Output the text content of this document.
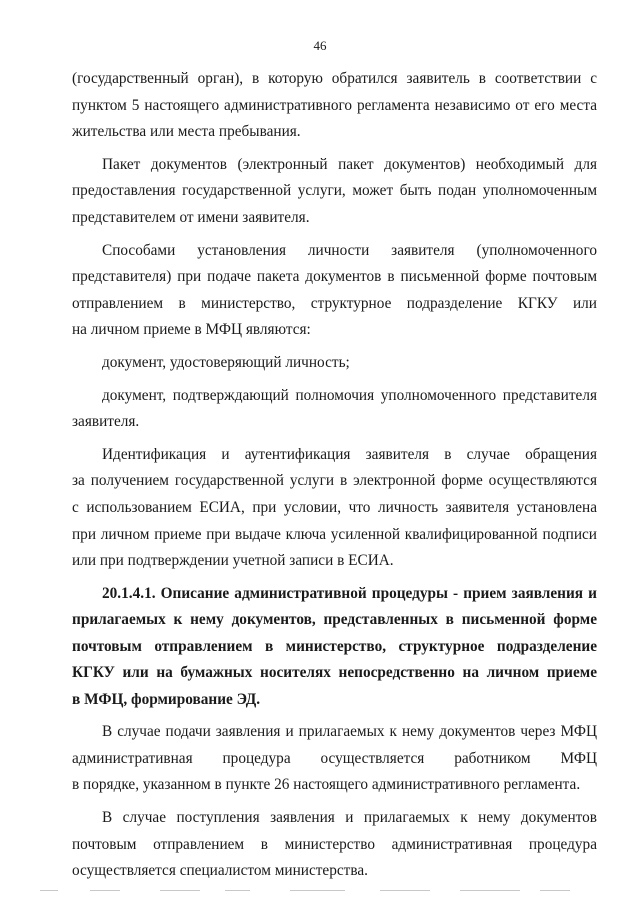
46
(государственный орган), в которую обратился заявитель в соответствии с
пунктом 5 настоящего административного регламента независимо от его места
жительства или места пребывания.
Пакет документов (электронный пакет документов) необходимый для
предоставления государственной услуги, может быть подан уполномоченным
представителем от имени заявителя.
Способами установления личности заявителя (уполномоченного
представителя) при подаче пакета документов в письменной форме почтовым
отправлением в министерство, структурное подразделение КГКУ или
на личном приеме в МФЦ являются:
документ, удостоверяющий личность;
документ, подтверждающий полномочия уполномоченного представителя
заявителя.
Идентификация и аутентификация заявителя в случае обращения
за получением государственной услуги в электронной форме осуществляются
с использованием ЕСИА, при условии, что личность заявителя установлена
при личном приеме при выдаче ключа усиленной квалифицированной подписи
или при подтверждении учетной записи в ЕСИА.
20.1.4.1. Описание административной процедуры - прием заявления и
прилагаемых к нему документов, представленных в письменной форме
почтовым отправлением в министерство, структурное подразделение
КГКУ или на бумажных носителях непосредственно на личном приеме
в МФЦ, формирование ЭД.
В случае подачи заявления и прилагаемых к нему документов через МФЦ
административная процедура осуществляется работником МФЦ
в порядке, указанном в пункте 26 настоящего административного регламента.
В случае поступления заявления и прилагаемых к нему документов
почтовым отправлением в министерство административная процедура
осуществляется специалистом министерства.
